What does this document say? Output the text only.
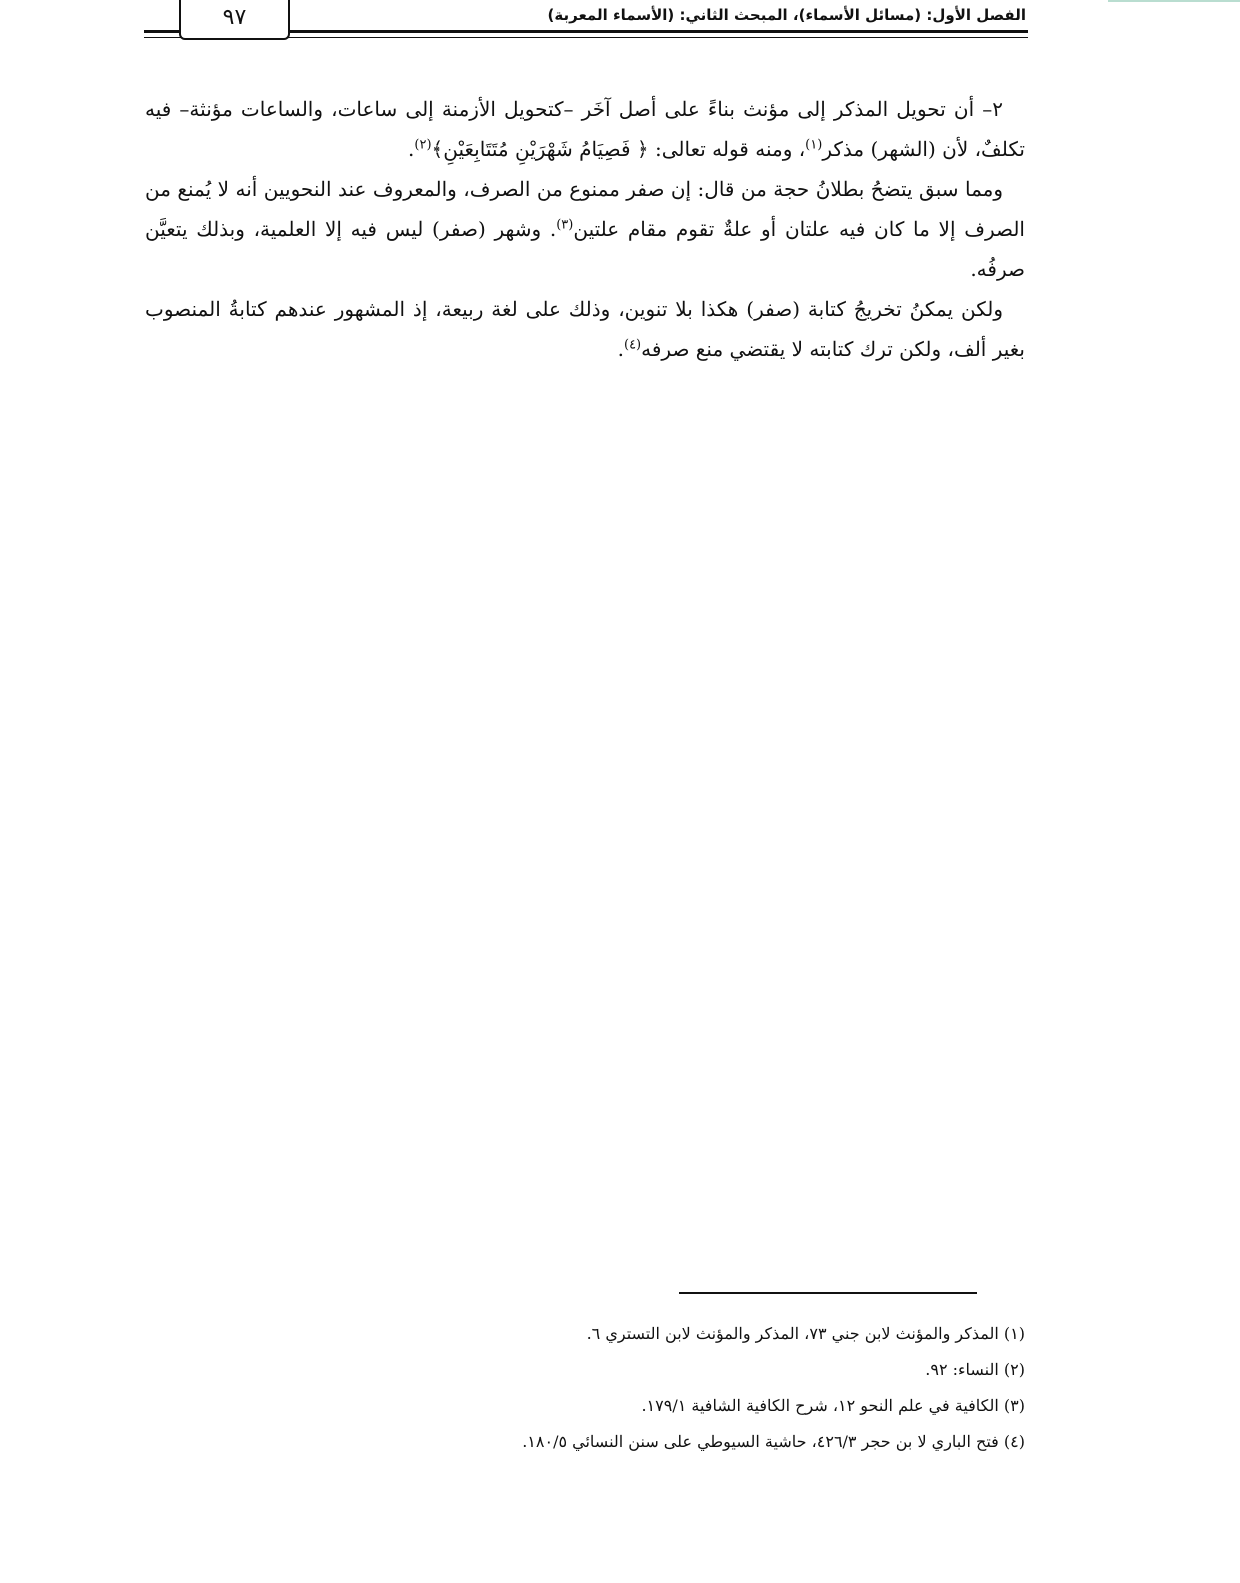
الفصل الأول: (مسائل الأسماء)، المبحث الثاني: (الأسماء المعربة)
٩٧

٢– أن تحويل المذكر إلى مؤنث بناءً على أصل آخَر –كتحويل الأزمنة إلى ساعات، والساعات مؤنثة– فيه تكلفٌ، لأن (الشهر) مذكر$^{(١)}$، ومنه قوله تعالى: ﴿ فَصِيَامُ شَهْرَيْنِ مُتَتَابِعَيْنِ﴾$^{(٢)}$.

ومما سبق يتضحُ بطلانُ حجة من قال: إن صفر ممنوع من الصرف، والمعروف عند النحويين أنه لا يُمنع من الصرف إلا ما كان فيه علتان أو علةٌ تقوم مقام علتين$^{(٣)}$. وشهر (صفر) ليس فيه إلا العلمية، وبذلك يتعيَّن صرفُه.

ولكن يمكنُ تخريجُ كتابة (صفر) هكذا بلا تنوين، وذلك على لغة ربيعة، إذ المشهور عندهم كتابةُ المنصوب بغير ألف، ولكن ترك كتابته لا يقتضي منع صرفه$^{(٤)}$.

(١) المذكر والمؤنث لابن جني ٧٣، المذكر والمؤنث لابن التستري ٦.

(٢) النساء: ٩٢.

(٣) الكافية في علم النحو ١٢، شرح الكافية الشافية ١٧٩/١.

(٤) فتح الباري لا بن حجر ٤٢٦/٣، حاشية السيوطي على سنن النسائي ١٨٠/٥.
